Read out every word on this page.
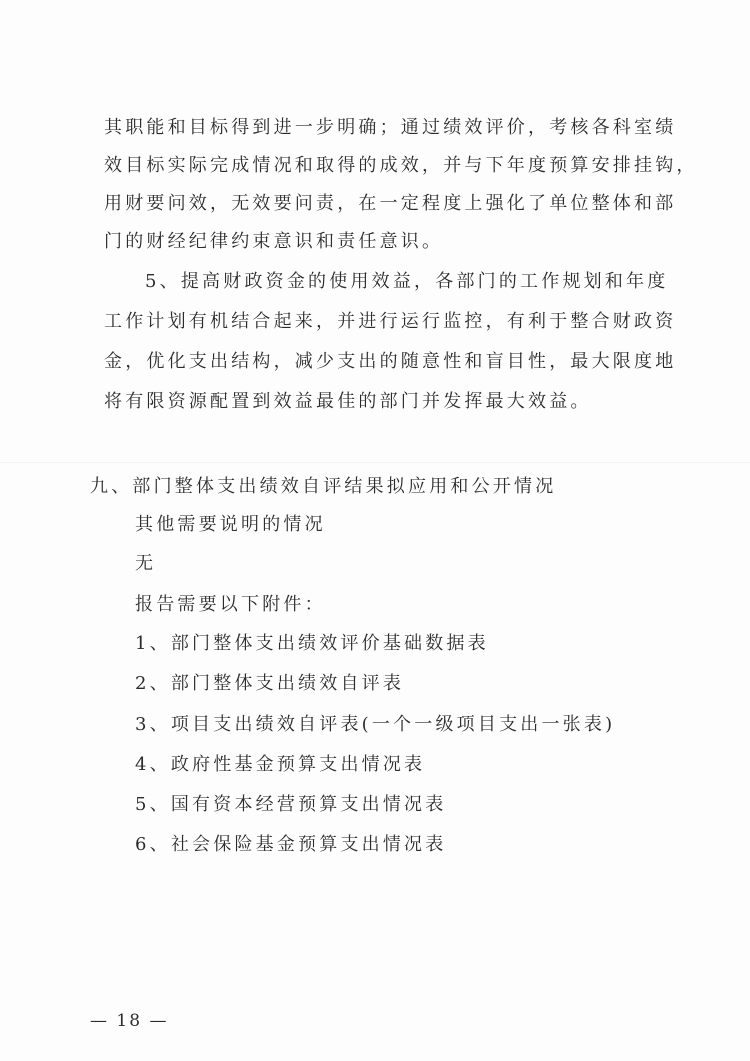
其职能和目标得到进一步明确；通过绩效评价，考核各科室绩
效目标实际完成情况和取得的成效，并与下年度预算安排挂钩，
用财要问效，无效要问责，在一定程度上强化了单位整体和部
门的财经纪律约束意识和责任意识。
5、提高财政资金的使用效益，各部门的工作规划和年度
工作计划有机结合起来，并进行运行监控，有利于整合财政资
金，优化支出结构，减少支出的随意性和盲目性，最大限度地
将有限资源配置到效益最佳的部门并发挥最大效益。
九、部门整体支出绩效自评结果拟应用和公开情况
其他需要说明的情况
无
报告需要以下附件：
1、部门整体支出绩效评价基础数据表
2、部门整体支出绩效自评表
3、项目支出绩效自评表(一个一级项目支出一张表)
4、政府性基金预算支出情况表
5、国有资本经营预算支出情况表
6、社会保险基金预算支出情况表
— 18 —
